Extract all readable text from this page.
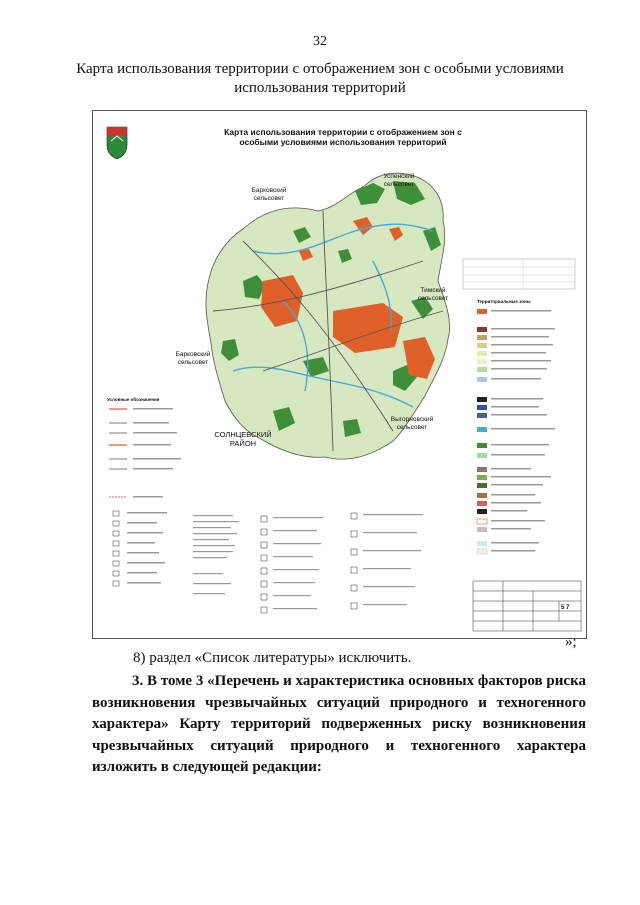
32
Карта использования территории с отображением зон с особыми условиями использования территорий
Карта использования территории с отображением зон с особыми условиями использования территорий
Успенский сельсовет
Барковский сельсовет
Тимский сельсовет
Барковский сельсовет
СОЛНЦЕВСКИЙ РАЙОН
Выгорновский сельсовет
Условные обозначения
Территориальные зоны
5 7
»;
8) раздел «Список литературы» исключить.
3. В томе 3 «Перечень и характеристика основных факторов риска возникновения чрезвычайных ситуаций природного и техногенного характера» Карту территорий подверженных риску возникновения чрезвычайных ситуаций природного и техногенного характера изложить в следующей редакции:
